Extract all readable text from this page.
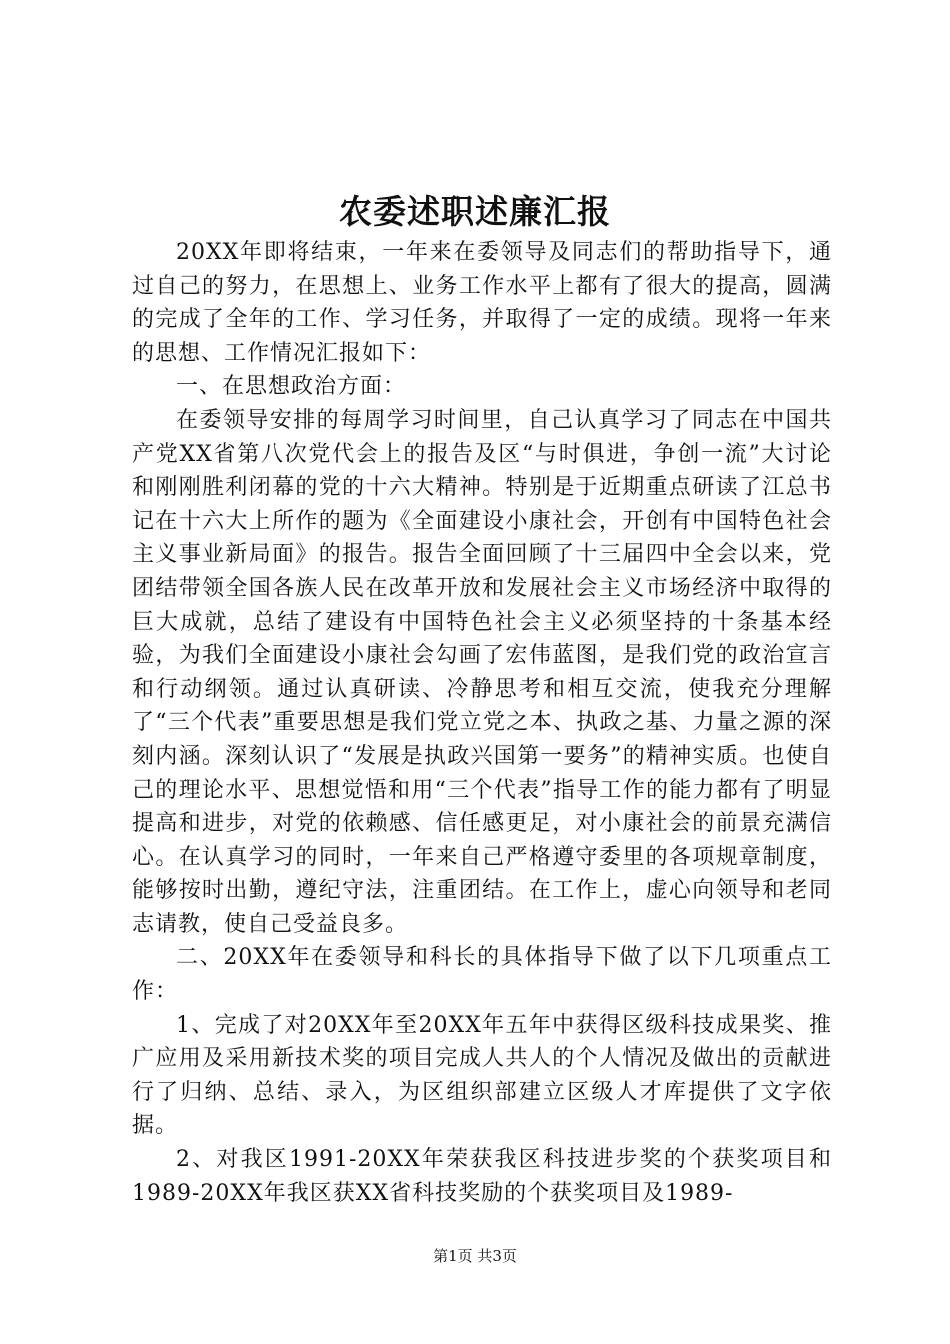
农委述职述廉汇报

20XX年即将结束，一年来在委领导及同志们的帮助指导下，通过自己的努力，在思想上、业务工作水平上都有了很大的提高，圆满的完成了全年的工作、学习任务，并取得了一定的成绩。现将一年来的思想、工作情况汇报如下：

一、在思想政治方面：

在委领导安排的每周学习时间里，自己认真学习了同志在中国共产党XX省第八次党代会上的报告及区“与时俱进，争创一流”大讨论和刚刚胜利闭幕的党的十六大精神。特别是于近期重点研读了江总书记在十六大上所作的题为《全面建设小康社会，开创有中国特色社会主义事业新局面》的报告。报告全面回顾了十三届四中全会以来，党团结带领全国各族人民在改革开放和发展社会主义市场经济中取得的巨大成就，总结了建设有中国特色社会主义必须坚持的十条基本经验，为我们全面建设小康社会勾画了宏伟蓝图，是我们党的政治宣言和行动纲领。通过认真研读、冷静思考和相互交流，使我充分理解了“三个代表”重要思想是我们党立党之本、执政之基、力量之源的深刻内涵。深刻认识了“发展是执政兴国第一要务”的精神实质。也使自己的理论水平、思想觉悟和用“三个代表”指导工作的能力都有了明显提高和进步，对党的依赖感、信任感更足，对小康社会的前景充满信心。在认真学习的同时，一年来自己严格遵守委里的各项规章制度，能够按时出勤，遵纪守法，注重团结。在工作上，虚心向领导和老同志请教，使自己受益良多。

二、20XX年在委领导和科长的具体指导下做了以下几项重点工作：

1、完成了对20XX年至20XX年五年中获得区级科技成果奖、推广应用及采用新技术奖的项目完成人共人的个人情况及做出的贡献进行了归纳、总结、录入，为区组织部建立区级人才库提供了文字依据。

2、对我区1991-20XX年荣获我区科技进步奖的个获奖项目和1989-20XX年我区获XX省科技奖励的个获奖项目及1989-

第1页 共3页
